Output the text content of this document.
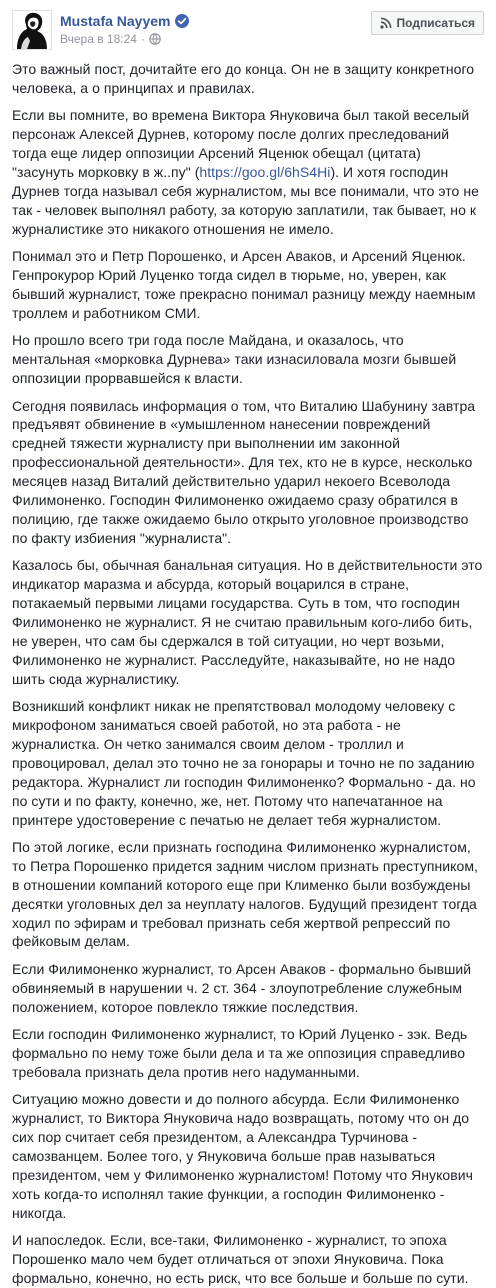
Mustafa Nayyem
Вчера в 18:24 ·
Подписаться

Это важный пост, дочитайте его до конца. Он не в защиту конкретного человека, а о принципах и правилах.

Если вы помните, во времена Виктора Януковича был такой веселый персонаж Алексей Дурнев, которому после долгих преследований тогда еще лидер оппозиции Арсений Яценюк обещал (цитата) "засунуть морковку в ж..пу" (https://goo.gl/6hS4Hi). И хотя господин Дурнев тогда называл себя журналистом, мы все понимали, что это не так - человек выполнял работу, за которую заплатили, так бывает, но к журналистике это никакого отношения не имело.

Понимал это и Петр Порошенко, и Арсен Аваков, и Арсений Яценюк. Генпрокурор Юрий Луценко тогда сидел в тюрьме, но, уверен, как бывший журналист, тоже прекрасно понимал разницу между наемным троллем и работником СМИ.

Но прошло всего три года после Майдана, и оказалось, что ментальная «морковка Дурнева» таки изнасиловала мозги бывшей оппозиции прорвавшейся к власти.

Сегодня появилась информация о том, что Виталию Шабунину завтра предъявят обвинение в «умышленном нанесении повреждений средней тяжести журналисту при выполнении им законной профессиональной деятельности». Для тех, кто не в курсе, несколько месяцев назад Виталий действительно ударил некоего Всеволода Филимоненко. Господин Филимоненко ожидаемо сразу обратился в полицию, где также ожидаемо было открыто уголовное производство по факту избиения "журналиста".

Казалось бы, обычная банальная ситуация. Но в действительности это индикатор маразма и абсурда, который воцарился в стране, потакаемый первыми лицами государства. Суть в том, что господин Филимоненко не журналист. Я не считаю правильным кого-либо бить, не уверен, что сам бы сдержался в той ситуации, но черт возьми, Филимоненко не журналист. Расследуйте, наказывайте, но не надо шить сюда журналистику.

Возникший конфликт никак не препятствовал молодому человеку с микрофоном заниматься своей работой, но эта работа - не журналистка. Он четко занимался своим делом - троллил и провоцировал, делал это точно не за гонорары и точно не по заданию редактора. Журналист ли господин Филимоненко? Формально - да. но по сути и по факту, конечно, же, нет. Потому что напечатанное на принтере удостоверение с печатью не делает тебя журналистом.

По этой логике, если признать господина Филимоненко журналистом, то Петра Порошенко придется задним числом признать преступником, в отношении компаний которого еще при Клименко были возбуждены десятки уголовных дел за неуплату налогов. Будущий президент тогда ходил по эфирам и требовал признать себя жертвой репрессий по фейковым делам.

Если Филимоненко журналист, то Арсен Аваков - формально бывший обвиняемый в нарушении ч. 2 ст. 364 - злоупотребление служебным положением, которое повлекло тяжкие последствия.

Если господин Филимоненко журналист, то Юрий Луценко - зэк. Ведь формально по нему тоже были дела и та же оппозиция справедливо требовала признать дела против него надуманными.

Ситуацию можно довести и до полного абсурда. Если Филимоненко журналист, то Виктора Януковича надо возвращать, потому что он до сих пор считает себя президентом, а Александра Турчинова - самозванцем. Более того, у Януковича больше прав называться президентом, чем у Филимоненко журналистом! Потому что Янукович хоть когда-то исполнял такие функции, а господин Филимоненко - никогда.

И напоследок. Если, все-таки, Филимоненко - журналист, то эпоха Порошенко мало чем будет отличаться от эпохи Януковича. Пока формально, конечно, но есть риск, что все больше и больше по сути.
